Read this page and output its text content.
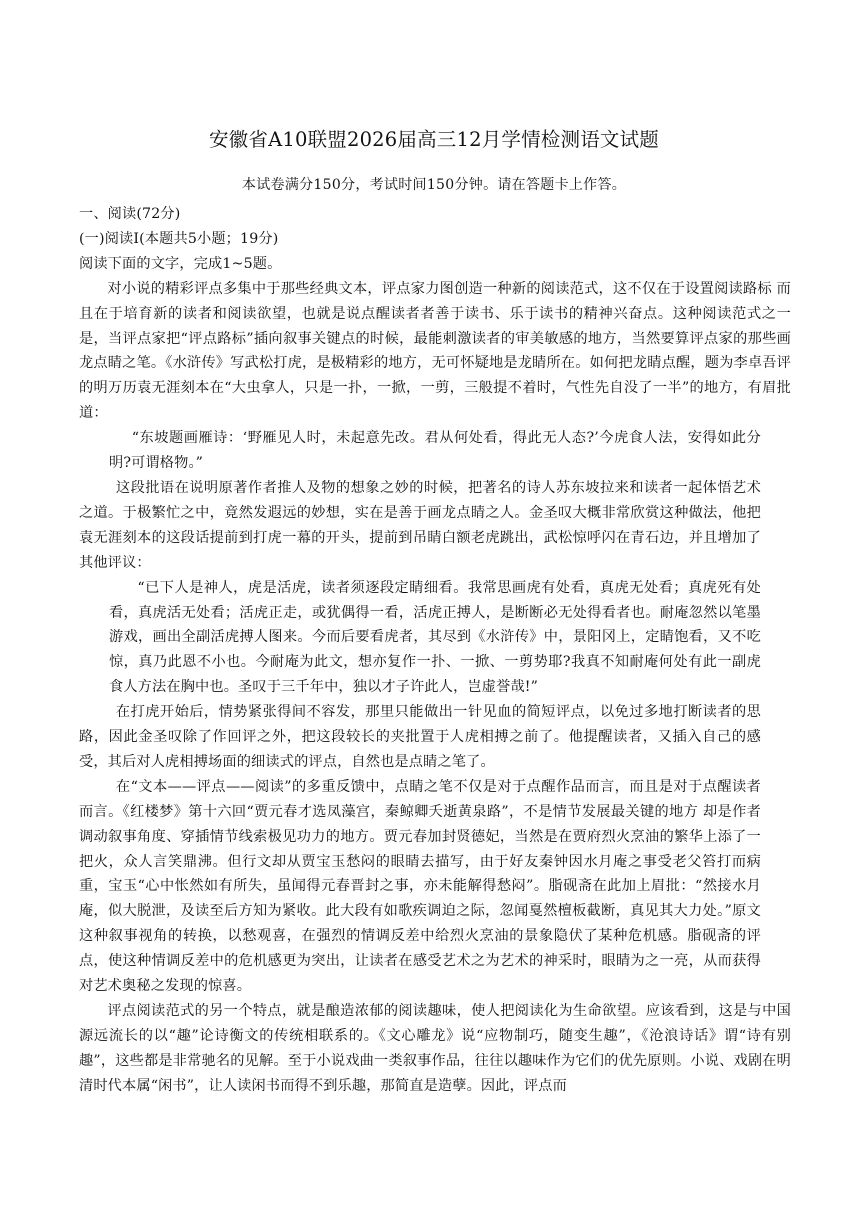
安徽省A10联盟2026届高三12月学情检测语文试题
本试卷满分150分，考试时间150分钟。请在答题卡上作答。

一、阅读(72分)

(一)阅读Ⅰ(本题共5小题；19分)

阅读下面的文字，完成1~5题。

对小说的精彩评点多集中于那些经典文本，评点家力图创造一种新的阅读范式，这不仅在于设置阅读路标 而且在于培育新的读者和阅读欲望，也就是说点醒读者者善于读书、乐于读书的精神兴奋点。这种阅读范式之一是，当评点家把“评点路标”插向叙事关键点的时候，最能刺激读者的审美敏感的地方，当然要算评点家的那些画龙点睛之笔。《水浒传》写武松打虎，是极精彩的地方，无可怀疑地是龙睛所在。如何把龙睛点醒，题为李卓吾评的明万历袁无涯刻本在“大虫拿人，只是一扑，一掀，一剪，三般提不着时，气性先自没了一半”的地方，有眉批道：

“东坡题画雁诗：‘野雁见人时，未起意先改。君从何处看，得此无人态?’今虎食人法，安得如此分明?可谓格物。”

这段批语在说明原著作者推人及物的想象之妙的时候，把著名的诗人苏东坡拉来和读者一起体悟艺术之道。于极繁忙之中，竟然发遐远的妙想，实在是善于画龙点睛之人。金圣叹大概非常欣赏这种做法，他把袁无涯刻本的这段话提前到打虎一幕的开头，提前到吊睛白额老虎跳出，武松惊呼闪在青石边，并且增加了其他评议：

“已下人是神人，虎是活虎，读者须逐段定睛细看。我常思画虎有处看，真虎无处看；真虎死有处看，真虎活无处看；活虎正走，或犹偶得一看，活虎正搏人，是断断必无处得看者也。耐庵忽然以笔墨游戏，画出全副活虎搏人图来。今而后要看虎者，其尽到《水浒传》中，景阳冈上，定睛饱看，又不吃惊，真乃此恩不小也。今耐庵为此文，想亦复作一扑、一掀、一剪势耶?我真不知耐庵何处有此一副虎食人方法在胸中也。圣叹于三千年中，独以才子许此人，岂虚誉哉!”

在打虎开始后，情势紧张得间不容发，那里只能做出一针见血的简短评点，以免过多地打断读者的思路，因此金圣叹除了作回评之外，把这段较长的夹批置于人虎相搏之前了。他提醒读者，又插入自己的感受，其后对人虎相搏场面的细读式的评点，自然也是点睛之笔了。

在“文本——评点——阅读”的多重反馈中，点睛之笔不仅是对于点醒作品而言，而且是对于点醒读者而言。《红楼梦》第十六回“贾元春才选凤藻宫，秦鲸卿夭逝黄泉路”，不是情节发展最关键的地方 却是作者调动叙事角度、穿插情节线索极见功力的地方。贾元春加封贤德妃，当然是在贾府烈火烹油的繁华上添了一把火，众人言笑鼎沸。但行文却从贾宝玉愁闷的眼睛去描写，由于好友秦钟因水月庵之事受老父笞打而病重，宝玉“心中怅然如有所失，虽闻得元春晋封之事，亦未能解得愁闷”。脂砚斋在此加上眉批：“然接水月庵，似大脱泄，及读至后方知为紧收。此大段有如歌疾调迫之际，忽闻戛然檀板截断，真见其大力处。”原文这种叙事视角的转换，以愁观喜，在强烈的情调反差中给烈火烹油的景象隐伏了某种危机感。脂砚斋的评点，使这种情调反差中的危机感更为突出，让读者在感受艺术之为艺术的神采时，眼睛为之一亮，从而获得对艺术奥秘之发现的惊喜。

评点阅读范式的另一个特点，就是酿造浓郁的阅读趣味，使人把阅读化为生命欲望。应该看到，这是与中国源远流长的以“趣”论诗衡文的传统相联系的。《文心雕龙》说“应物制巧，随变生趣”，《沧浪诗话》谓“诗有别趣”，这些都是非常驰名的见解。至于小说戏曲一类叙事作品，往往以趣味作为它们的优先原则。小说、戏剧在明清时代本属“闲书”，让人读闲书而得不到乐趣，那简直是造孽。因此，评点而
